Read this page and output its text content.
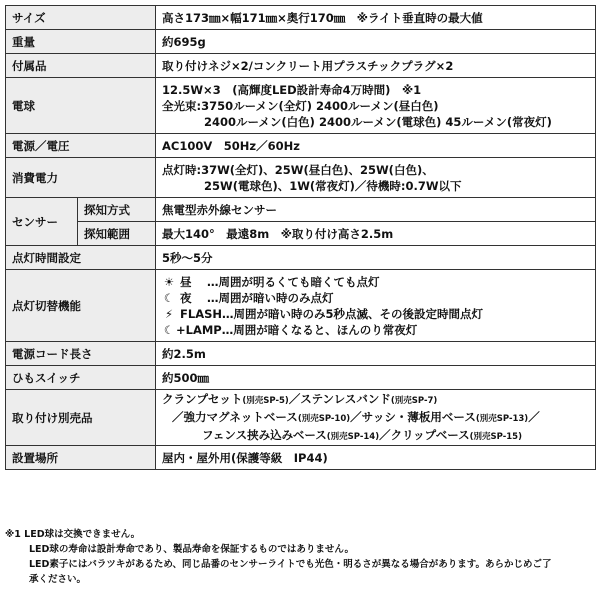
サイズ		高さ173㎜×幅171㎜×奥行170㎜　※ライト垂直時の最大値
重量		約695g
付属品		取り付けネジ×2/コンクリート用プラスチックプラグ×2
電球		12.5W×3　(高輝度LED設計寿命4万時間)　※1
全光束:3750ルーメン(全灯) 2400ルーメン(昼白色)
2400ルーメン(白色) 2400ルーメン(電球色) 45ルーメン(常夜灯)

電源／電圧		AC100V　50Hz／60Hz
消費電力		点灯時:37W(全灯)、25W(昼白色)、25W(白色)、
25W(電球色)、1W(常夜灯)／待機時:0.7W以下

センサー	探知方式	焦電型赤外線センサー
	探知範囲	最大140°　最遠8m　※取り付け高さ2.5m
点灯時間設定		5秒～5分
点灯切替機能		☀ 昼　 …周囲が明るくても暗くても点灯
☾ 夜　 …周囲が暗い時のみ点灯
⚡ FLASH…周囲が暗い時のみ5秒点滅、その後設定時間点灯
☾ +LAMP…周囲が暗くなると、ほんのり常夜灯

電源コード長さ		約2.5m
ひもスイッチ		約500㎜
取り付け別売品		クランプセット(別売SP-5)／ステンレスバンド(別売SP-7)
／強力マグネットベース(別売SP-10)／サッシ・薄板用ベース(別売SP-13)／
フェンス挟み込みベース(別売SP-14)／クリップベース(別売SP-15)

設置場所		屋内・屋外用(保護等級　IP44)
※1 LED球は交換できません。
LED球の寿命は設計寿命であり、製品寿命を保証するものではありません。
LED素子にはバラツキがあるため、同じ品番のセンサーライトでも光色・明るさが異なる場合があります。あらかじめご了
承ください。
